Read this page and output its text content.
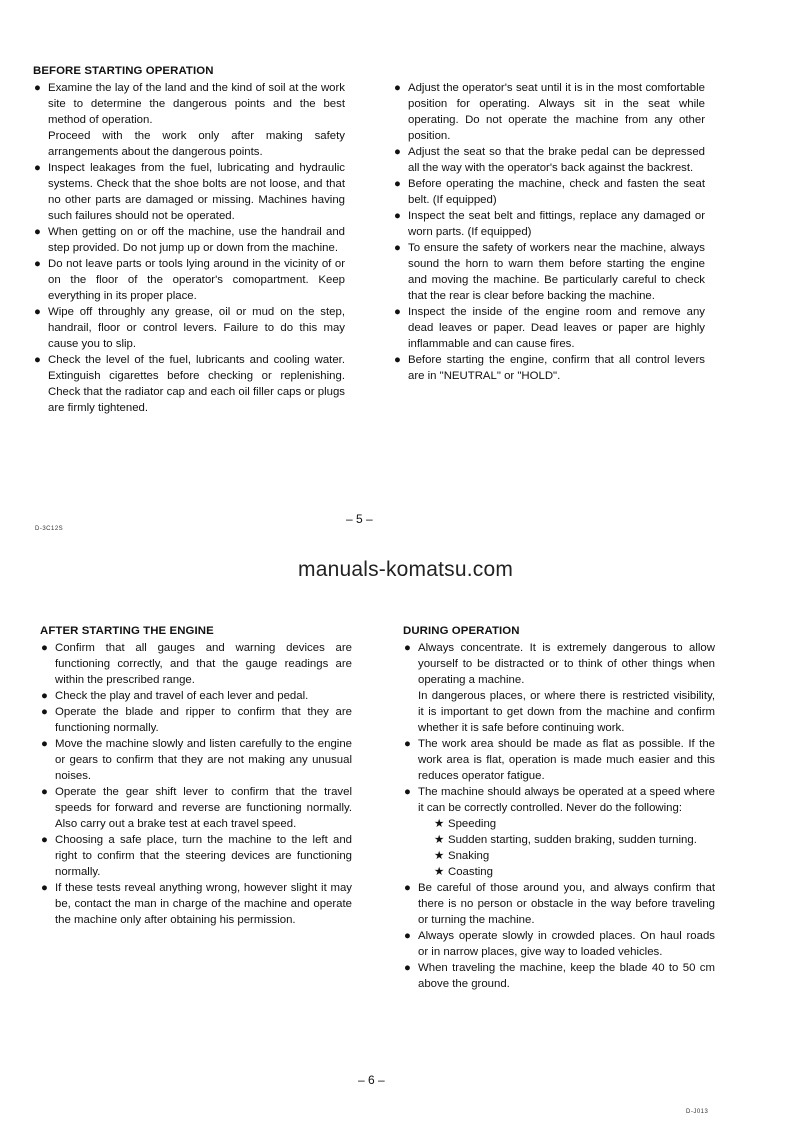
manuals-komatsu.com
BEFORE STARTING OPERATION
● Examine the lay of the land and the kind of soil at the work site to determine the dangerous points and the best method of operation.

Proceed with the work only after making safety arrangements about the dangerous points.

● Inspect leakages from the fuel, lubricating and hydraulic systems. Check that the shoe bolts are not loose, and that no other parts are damaged or missing. Machines having such failures should not be operated.

● When getting on or off the machine, use the handrail and step provided. Do not jump up or down from the machine.

● Do not leave parts or tools lying around in the vicinity of or on the floor of the operator's comopartment. Keep everything in its proper place.

● Wipe off throughly any grease, oil or mud on the step, handrail, floor or control levers. Failure to do this may cause you to slip.

● Check the level of the fuel, lubricants and cooling water. Extinguish cigarettes before checking or replenishing. Check that the radiator cap and each oil filler caps or plugs are firmly tightened.

● Adjust the operator's seat until it is in the most comfortable position for operating. Always sit in the seat while operating. Do not operate the machine from any other position.

● Adjust the seat so that the brake pedal can be depressed all the way with the operator's back against the backrest.

● Before operating the machine, check and fasten the seat belt. (If equipped)

● Inspect the seat belt and fittings, replace any damaged or worn parts. (If equipped)

● To ensure the safety of workers near the machine, always sound the horn to warn them before starting the engine and moving the machine. Be particularly careful to check that the rear is clear before backing the machine.

● Inspect the inside of the engine room and remove any dead leaves or paper. Dead leaves or paper are highly inflammable and can cause fires.

● Before starting the engine, confirm that all control levers are in "NEUTRAL" or "HOLD".

D-3C12S
– 5 –
AFTER STARTING THE ENGINE
● Confirm that all gauges and warning devices are functioning correctly, and that the gauge readings are within the prescribed range.

● Check the play and travel of each lever and pedal.

● Operate the blade and ripper to confirm that they are functioning normally.

● Move the machine slowly and listen carefully to the engine or gears to confirm that they are not making any unusual noises.

● Operate the gear shift lever to confirm that the travel speeds for forward and reverse are functioning normally. Also carry out a brake test at each travel speed.

● Choosing a safe place, turn the machine to the left and right to confirm that the steering devices are functioning normally.

● If these tests reveal anything wrong, however slight it may be, contact the man in charge of the machine and operate the machine only after obtaining his permission.

DURING OPERATION
● Always concentrate. It is extremely dangerous to allow yourself to be distracted or to think of other things when operating a machine.

In dangerous places, or where there is restricted visibility, it is important to get down from the machine and confirm whether it is safe before continuing work.

● The work area should be made as flat as possible. If the work area is flat, operation is made much easier and this reduces operator fatigue.

● The machine should always be operated at a speed where it can be correctly controlled. Never do the following:

★ Speeding
★ Sudden starting, sudden braking, sudden turning.
★ Snaking
★ Coasting
● Be careful of those around you, and always confirm that there is no person or obstacle in the way before traveling or turning the machine.

● Always operate slowly in crowded places. On haul roads or in narrow places, give way to loaded vehicles.

● When traveling the machine, keep the blade 40 to 50 cm above the ground.

– 6 –
D-J013
